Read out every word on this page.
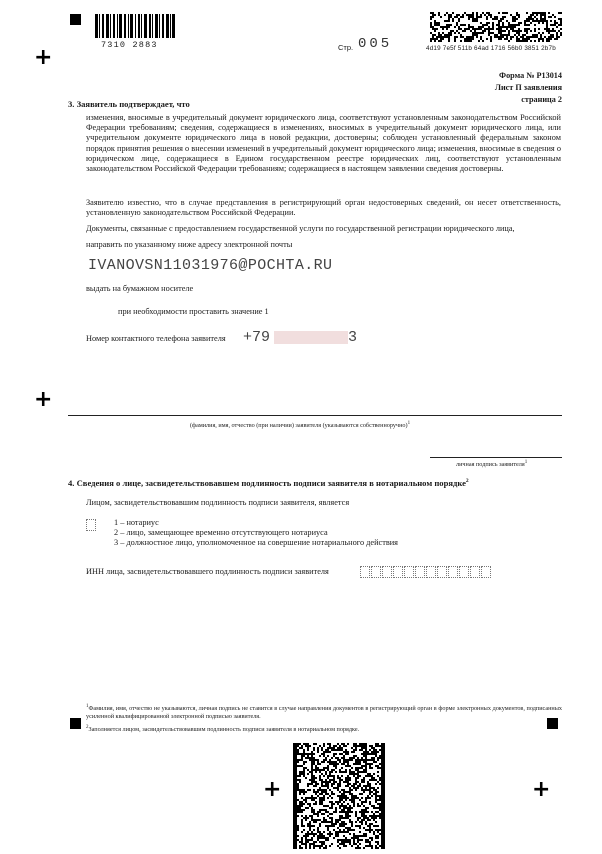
+
+
+	+
7310 2883	Стр. 005	4d19 7e5f 511b 64ad 1716 56b0 3851 2b7b
Форма № Р13014
Лист П заявления
страница 2
3. Заявитель подтверждает, что
изменения, вносимые в учредительный документ юридического лица, соответствуют установленным законодательством Российской Федерации требованиям; сведения, содержащиеся в изменениях, вносимых в учредительный документ юридического лица, или учредительном документе юридического лица в новой редакции, достоверны; соблюден установленный федеральным законом порядок принятия решения о внесении изменений в учредительный документ юридического лица; изменения, вносимые в сведения о юридическом лице, содержащиеся в Едином государственном реестре юридических лиц, соответствуют установленным законодательством Российской Федерации требованиям; содержащиеся в настоящем заявлении сведения достоверны.
Заявителю известно, что в случае представления в регистрирующий орган недостоверных сведений, он несет ответственность, установленную законодательством Российской Федерации.
Документы, связанные с предоставлением государственной услуги по государственной регистрации юридического лица,
направить по указанному ниже адресу электронной почты
IVANOVSN11031976@POCHTA.RU
выдать на бумажном носителе
при необходимости проставить значение 1
Номер контактного телефона заявителя +79	3
(фамилия, имя, отчество (при наличии) заявителя (указываются собственноручно)$^1$
личная подпись заявителя$^1$
4. Сведения о лице, засвидетельствовавшем подлинность подписи заявителя в нотариальном порядке$^2$
Лицом, засвидетельствовавшим подлинность подписи заявителя, является
1 – нотариус
2 – лицо, замещающее временно отсутствующего нотариуса
3 – должностное лицо, уполномоченное на совершение нотариального действия
ИНН лица, засвидетельствовавшего подлинность подписи заявителя
$^1$Фамилия, имя, отчество не указываются, личная подпись не ставится в случае направления документов в регистрирующий орган в форме электронных документов, подписанных усиленной квалифицированной электронной подписью заявителя.
$^2$Заполняется лицом, засвидетельствовавшим подлинность подписи заявителя в нотариальном порядке.
